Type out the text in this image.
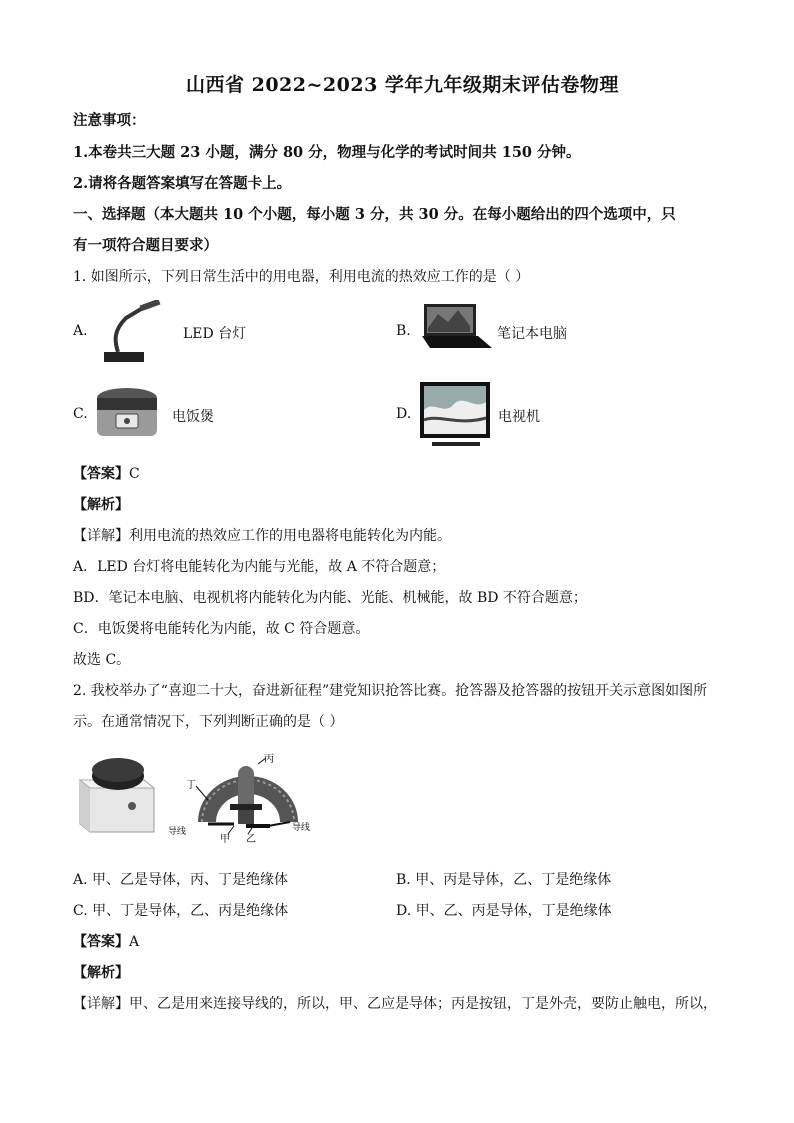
山西省 2022~2023 学年九年级期末评估卷物理
注意事项：
1.本卷共三大题 23 小题，满分 80 分，物理与化学的考试时间共 150 分钟。
2.请将各题答案填写在答题卡上。
一、选择题（本大题共 10 个小题，每小题 3 分，共 30 分。在每小题给出的四个选项中，只
有一项符合题目要求）
1. 如图所示，下列日常生活中的用电器，利用电流的热效应工作的是（ ）
A.	LED 台灯	B.	笔记本电脑
C.	电饭煲	D.	电视机
【答案】C
【解析】
【详解】利用电流的热效应工作的用电器将电能转化为内能。
A．LED 台灯将电能转化为内能与光能，故 A 不符合题意；
BD．笔记本电脑、电视机将内能转化为内能、光能、机械能，故 BD 不符合题意；
C．电饭煲将电能转化为内能，故 C 符合题意。
故选 C。
2. 我校举办了“喜迎二十大，奋进新征程”建党知识抢答比赛。抢答器及抢答器的按钮开关示意图如图所
示。在通常情况下，下列判断正确的是（ ）
丙
丁
甲 乙
导线	导线
A. 甲、乙是导体，丙、丁是绝缘体	B. 甲、丙是导体，乙、丁是绝缘体
C. 甲、丁是导体，乙、丙是绝缘体	D. 甲、乙、丙是导体，丁是绝缘体
【答案】A
【解析】
【详解】甲、乙是用来连接导线的，所以，甲、乙应是导体；丙是按钮，丁是外壳，要防止触电，所以，
